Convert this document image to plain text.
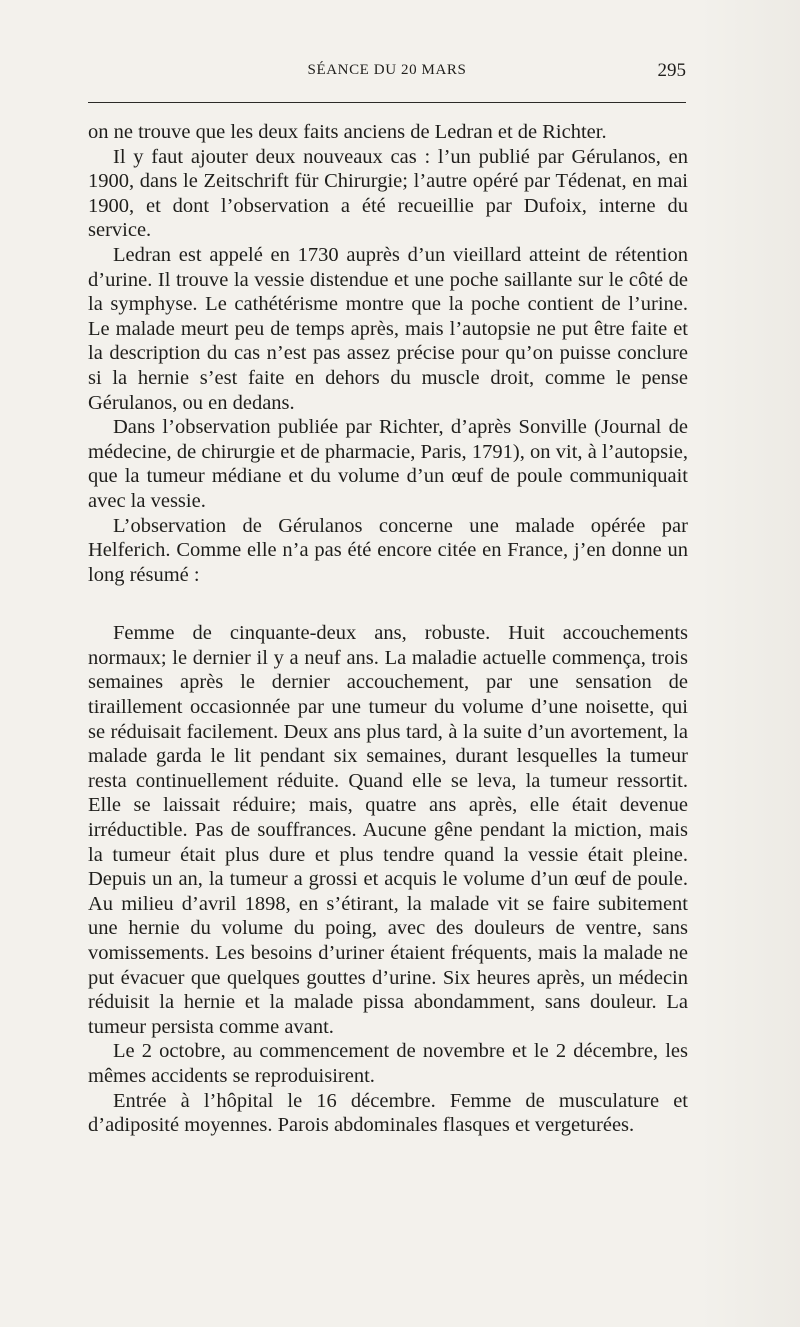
SÉANCE DU 20 MARS	295

on ne trouve que les deux faits anciens de Ledran et de Richter.

Il y faut ajouter deux nouveaux cas : l’un publié par Gérulanos, en 1900, dans le Zeitschrift für Chirurgie; l’autre opéré par Tédenat, en mai 1900, et dont l’observation a été recueillie par Dufoix, interne du service.

Ledran est appelé en 1730 auprès d’un vieillard atteint de rétention d’urine. Il trouve la vessie distendue et une poche saillante sur le côté de la symphyse. Le cathétérisme montre que la poche contient de l’urine. Le malade meurt peu de temps après, mais l’autopsie ne put être faite et la description du cas n’est pas assez précise pour qu’on puisse conclure si la hernie s’est faite en dehors du muscle droit, comme le pense Gérulanos, ou en dedans.

Dans l’observation publiée par Richter, d’après Sonville (Journal de médecine, de chirurgie et de pharmacie, Paris, 1791), on vit, à l’autopsie, que la tumeur médiane et du volume d’un œuf de poule communiquait avec la vessie.

L’observation de Gérulanos concerne une malade opérée par Helferich. Comme elle n’a pas été encore citée en France, j’en donne un long résumé :

Femme de cinquante-deux ans, robuste. Huit accouchements normaux; le dernier il y a neuf ans. La maladie actuelle commença, trois semaines après le dernier accouchement, par une sensation de tiraillement occasionnée par une tumeur du volume d’une noisette, qui se réduisait facilement. Deux ans plus tard, à la suite d’un avortement, la malade garda le lit pendant six semaines, durant lesquelles la tumeur resta continuellement réduite. Quand elle se leva, la tumeur ressortit. Elle se laissait réduire; mais, quatre ans après, elle était devenue irréductible. Pas de souffrances. Aucune gêne pendant la miction, mais la tumeur était plus dure et plus tendre quand la vessie était pleine. Depuis un an, la tumeur a grossi et acquis le volume d’un œuf de poule. Au milieu d’avril 1898, en s’étirant, la malade vit se faire subitement une hernie du volume du poing, avec des douleurs de ventre, sans vomissements. Les besoins d’uriner étaient fréquents, mais la malade ne put évacuer que quelques gouttes d’urine. Six heures après, un médecin réduisit la hernie et la malade pissa abondamment, sans douleur. La tumeur persista comme avant.

Le 2 octobre, au commencement de novembre et le 2 décembre, les mêmes accidents se reproduisirent.

Entrée à l’hôpital le 16 décembre. Femme de musculature et d’adiposité moyennes. Parois abdominales flasques et vergeturées.
